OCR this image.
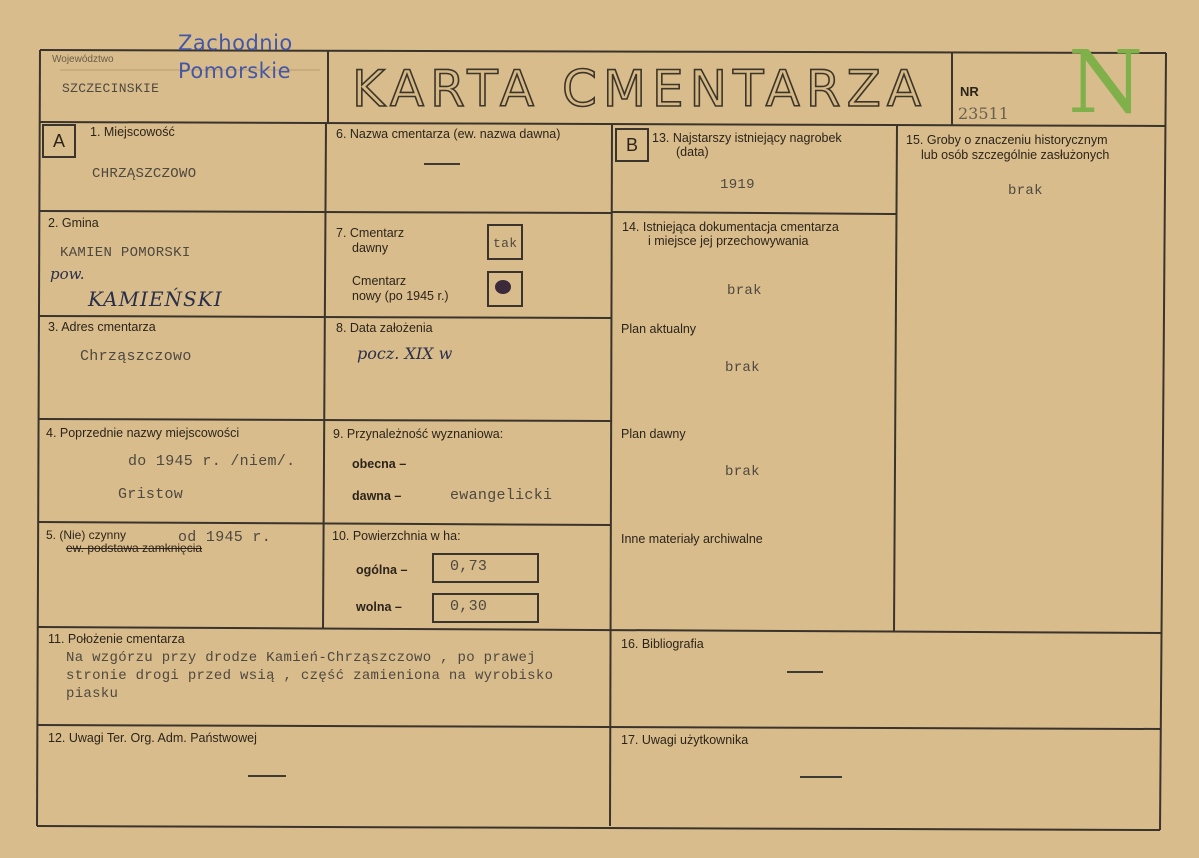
Województwo
SZCZECINSKIE
Zachodnio
Pomorskie KARTA CMENTARZA	NR
23511 N
A	1. Miejscowość
CHRZĄSZCZOWO
2. Gmina
KAMIEN POMORSKI
pow.
KAMIEŃSKI
3. Adres cmentarza
Chrząszczowo
4. Poprzednie nazwy miejscowości
do 1945 r. /niem/.
Gristow
5. (Nie) czynny
ew. podstawa zamknięcia
od 1945 r.
6. Nazwa cmentarza (ew. nazwa dawna)
7. Cmentarz
dawny	tak
Cmentarz
nowy (po 1945 r.)
8. Data założenia
pocz. XIX w
9. Przynależność wyznaniowa:
obecna –
dawna –	ewangelicki
10. Powierzchnia w ha:
ogólna –	0,73
wolna –	0,30
11. Położenie cmentarza
Na wzgórzu przy drodze Kamień-Chrząszczowo , po prawej
stronie drogi przed wsią , część zamieniona na wyrobisko
piasku
12. Uwagi Ter. Org. Adm. Państwowej
B	13. Najstarszy istniejący nagrobek
(data)
1919
14. Istniejąca dokumentacja cmentarza
i miejsce jej przechowywania
brak
Plan aktualny
brak
Plan dawny
brak
Inne materiały archiwalne
15. Groby o znaczeniu historycznym
lub osób szczególnie zasłużonych
brak
16. Bibliografia
17. Uwagi użytkownika
